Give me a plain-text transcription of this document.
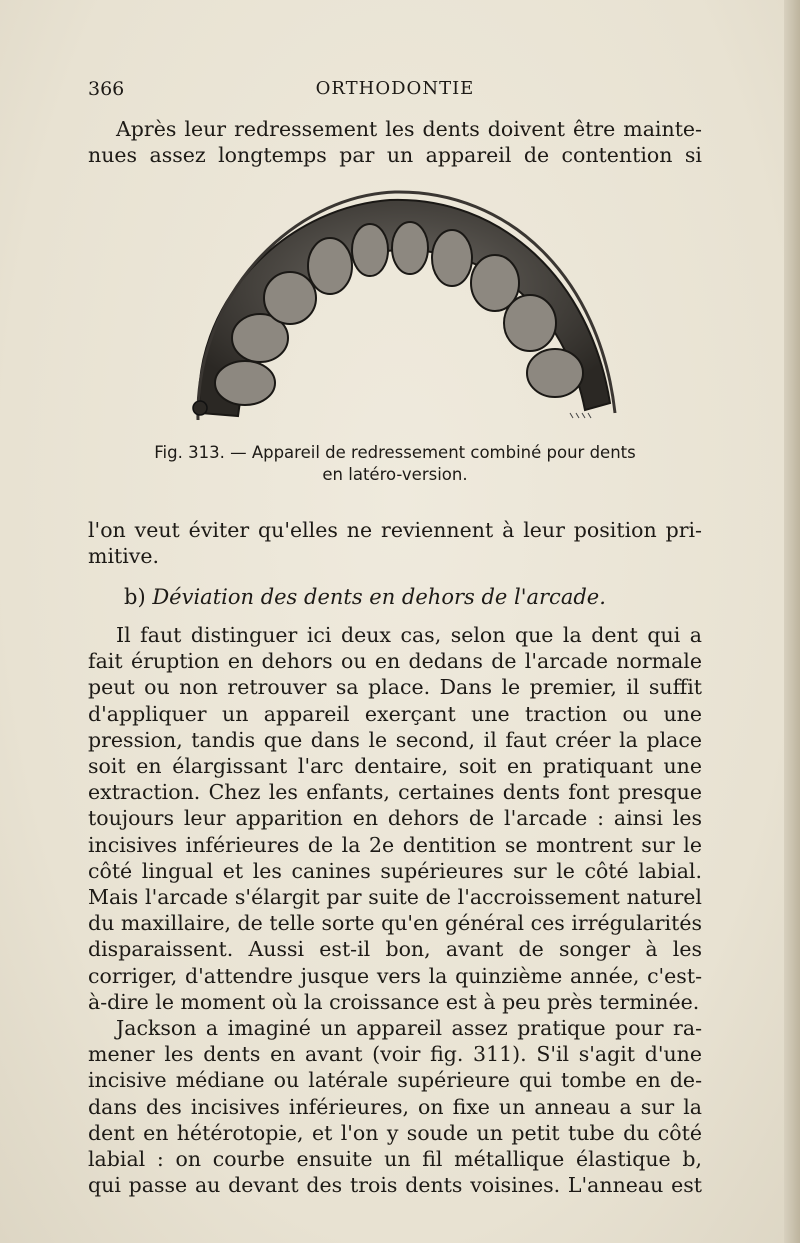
366	ORTHODONTIE

Après leur redressement les dents doivent être mainte-
nues assez longtemps par un appareil de contention si

Fig. 313. — Appareil de redressement combiné pour dents
en latéro-version.

l'on veut éviter qu'elles ne reviennent à leur position pri-
mitive.

b) Déviation des dents en dehors de l'arcade.

Il faut distinguer ici deux cas, selon que la dent qui a
fait éruption en dehors ou en dedans de l'arcade normale
peut ou non retrouver sa place. Dans le premier, il suffit
d'appliquer un appareil exerçant une traction ou une
pression, tandis que dans le second, il faut créer la place
soit en élargissant l'arc dentaire, soit en pratiquant une
extraction. Chez les enfants, certaines dents font presque
toujours leur apparition en dehors de l'arcade : ainsi les
incisives inférieures de la 2e dentition se montrent sur le
côté lingual et les canines supérieures sur le côté labial.
Mais l'arcade s'élargit par suite de l'accroissement naturel
du maxillaire, de telle sorte qu'en général ces irrégularités
disparaissent. Aussi est-il bon, avant de songer à les
corriger, d'attendre jusque vers la quinzième année, c'est-
à-dire le moment où la croissance est à peu près terminée.

Jackson a imaginé un appareil assez pratique pour ra-
mener les dents en avant (voir fig. 311). S'il s'agit d'une
incisive médiane ou latérale supérieure qui tombe en de-
dans des incisives inférieures, on fixe un anneau a sur la
dent en hétérotopie, et l'on y soude un petit tube du côté
labial : on courbe ensuite un fil métallique élastique b,
qui passe au devant des trois dents voisines. L'anneau est
